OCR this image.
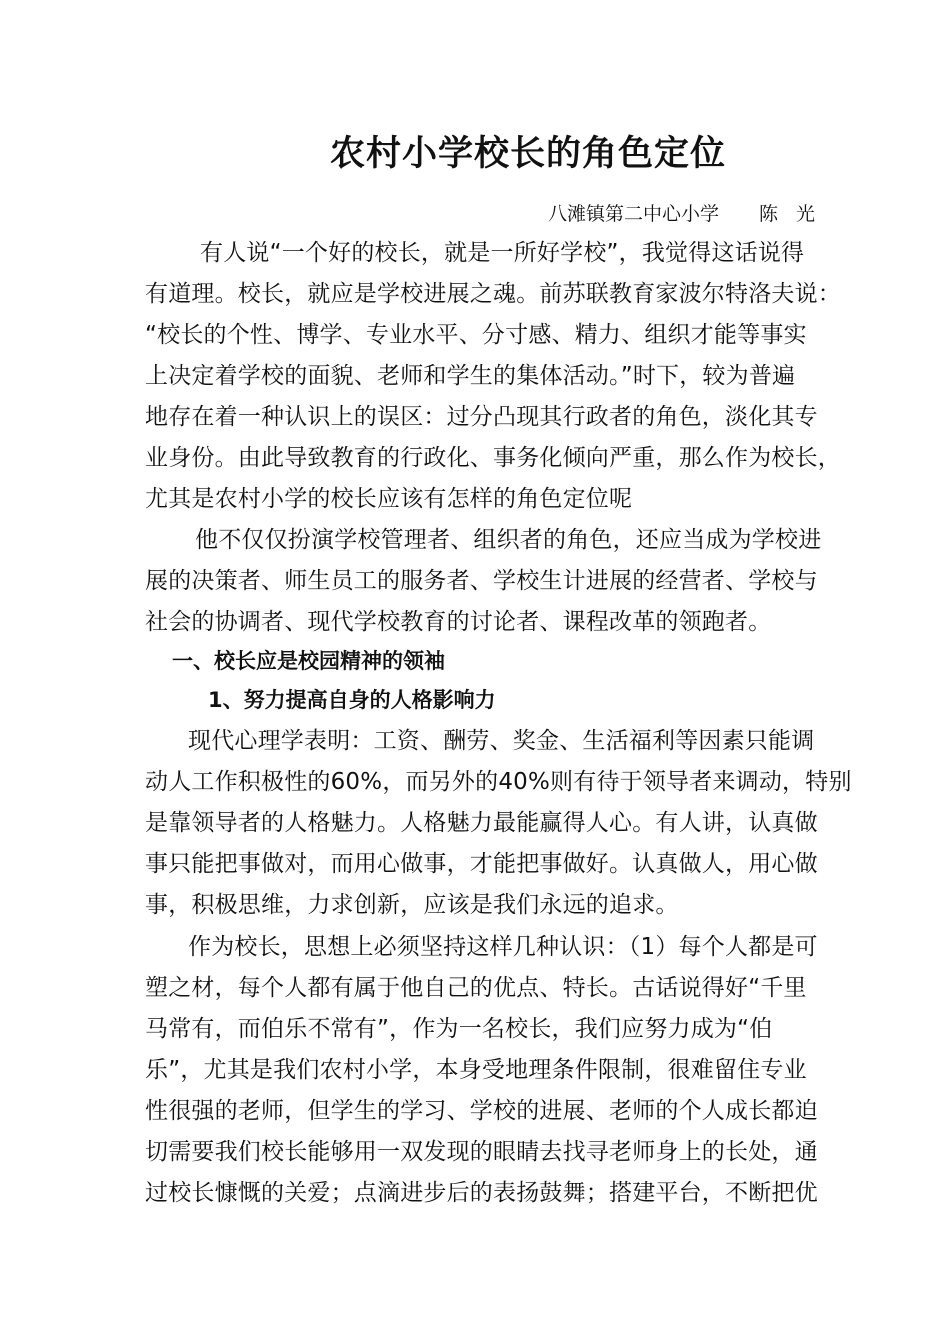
农村小学校长的角色定位
八滩镇第二中心小学 陈 光
有人说“一个好的校长，就是一所好学校”，我觉得这话说得
有道理。校长，就应是学校进展之魂。前苏联教育家波尔特洛夫说：
“校长的个性、博学、专业水平、分寸感、精力、组织才能等事实
上决定着学校的面貌、老师和学生的集体活动。”时下，较为普遍
地存在着一种认识上的误区：过分凸现其行政者的角色，淡化其专
业身份。由此导致教育的行政化、事务化倾向严重，那么作为校长，
尤其是农村小学的校长应该有怎样的角色定位呢
他不仅仅扮演学校管理者、组织者的角色，还应当成为学校进
展的决策者、师生员工的服务者、学校生计进展的经营者、学校与
社会的协调者、现代学校教育的讨论者、课程改革的领跑者。
一、校长应是校园精神的领袖
1、努力提高自身的人格影响力
现代心理学表明：工资、酬劳、奖金、生活福利等因素只能调
动人工作积极性的60%，而另外的40%则有待于领导者来调动，特别
是靠领导者的人格魅力。人格魅力最能赢得人心。有人讲，认真做
事只能把事做对，而用心做事，才能把事做好。认真做人，用心做
事，积极思维，力求创新，应该是我们永远的追求。
作为校长，思想上必须坚持这样几种认识：（1）每个人都是可
塑之材，每个人都有属于他自己的优点、特长。古话说得好“千里
马常有，而伯乐不常有”，作为一名校长，我们应努力成为“伯
乐”，尤其是我们农村小学，本身受地理条件限制，很难留住专业
性很强的老师，但学生的学习、学校的进展、老师的个人成长都迫
切需要我们校长能够用一双发现的眼睛去找寻老师身上的长处，通
过校长慷慨的关爱；点滴进步后的表扬鼓舞；搭建平台，不断把优
